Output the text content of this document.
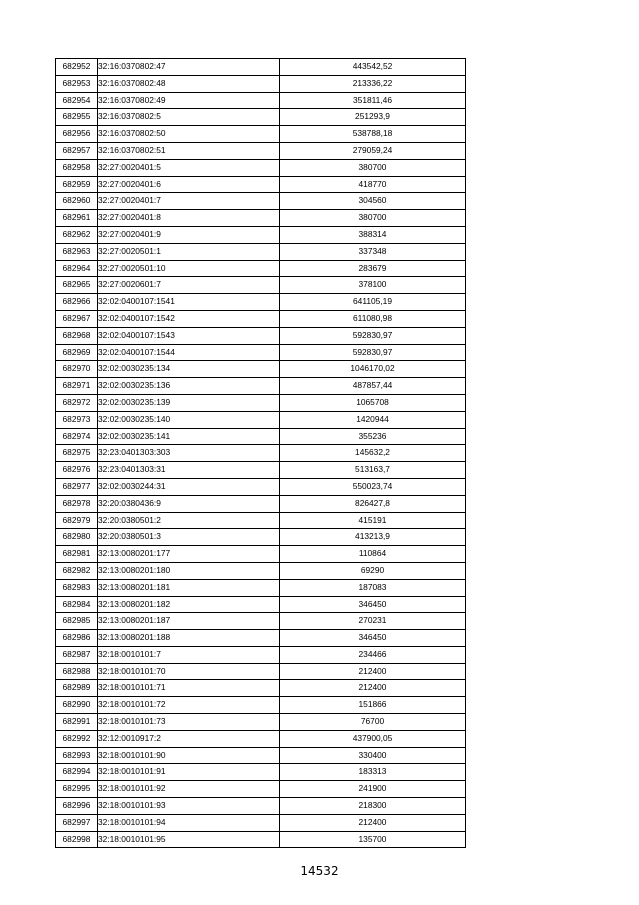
682952	32:16:0370802:47	443542,52
682953	32:16:0370802:48	213336,22
682954	32:16:0370802:49	351811,46
682955	32:16:0370802:5	251293,9
682956	32:16:0370802:50	538788,18
682957	32:16:0370802:51	279059,24
682958	32:27:0020401:5	380700
682959	32:27:0020401:6	418770
682960	32:27:0020401:7	304560
682961	32:27:0020401:8	380700
682962	32:27:0020401:9	388314
682963	32:27:0020501:1	337348
682964	32:27:0020501:10	283679
682965	32:27:0020601:7	378100
682966	32:02:0400107:1541	641105,19
682967	32:02:0400107:1542	611080,98
682968	32:02:0400107:1543	592830,97
682969	32:02:0400107:1544	592830,97
682970	32:02:0030235:134	1046170,02
682971	32:02:0030235:136	487857,44
682972	32:02:0030235:139	1065708
682973	32:02:0030235:140	1420944
682974	32:02:0030235:141	355236
682975	32:23:0401303:303	145632,2
682976	32:23:0401303:31	513163,7
682977	32:02:0030244:31	550023,74
682978	32:20:0380436:9	826427,8
682979	32:20:0380501:2	415191
682980	32:20:0380501:3	413213,9
682981	32:13:0080201:177	110864
682982	32:13:0080201:180	69290
682983	32:13:0080201:181	187083
682984	32:13:0080201:182	346450
682985	32:13:0080201:187	270231
682986	32:13:0080201:188	346450
682987	32:18:0010101:7	234466
682988	32:18:0010101:70	212400
682989	32:18:0010101:71	212400
682990	32:18:0010101:72	151866
682991	32:18:0010101:73	76700
682992	32:12:0010917:2	437900,05
682993	32:18:0010101:90	330400
682994	32:18:0010101:91	183313
682995	32:18:0010101:92	241900
682996	32:18:0010101:93	218300
682997	32:18:0010101:94	212400
682998	32:18:0010101:95	135700
14532
